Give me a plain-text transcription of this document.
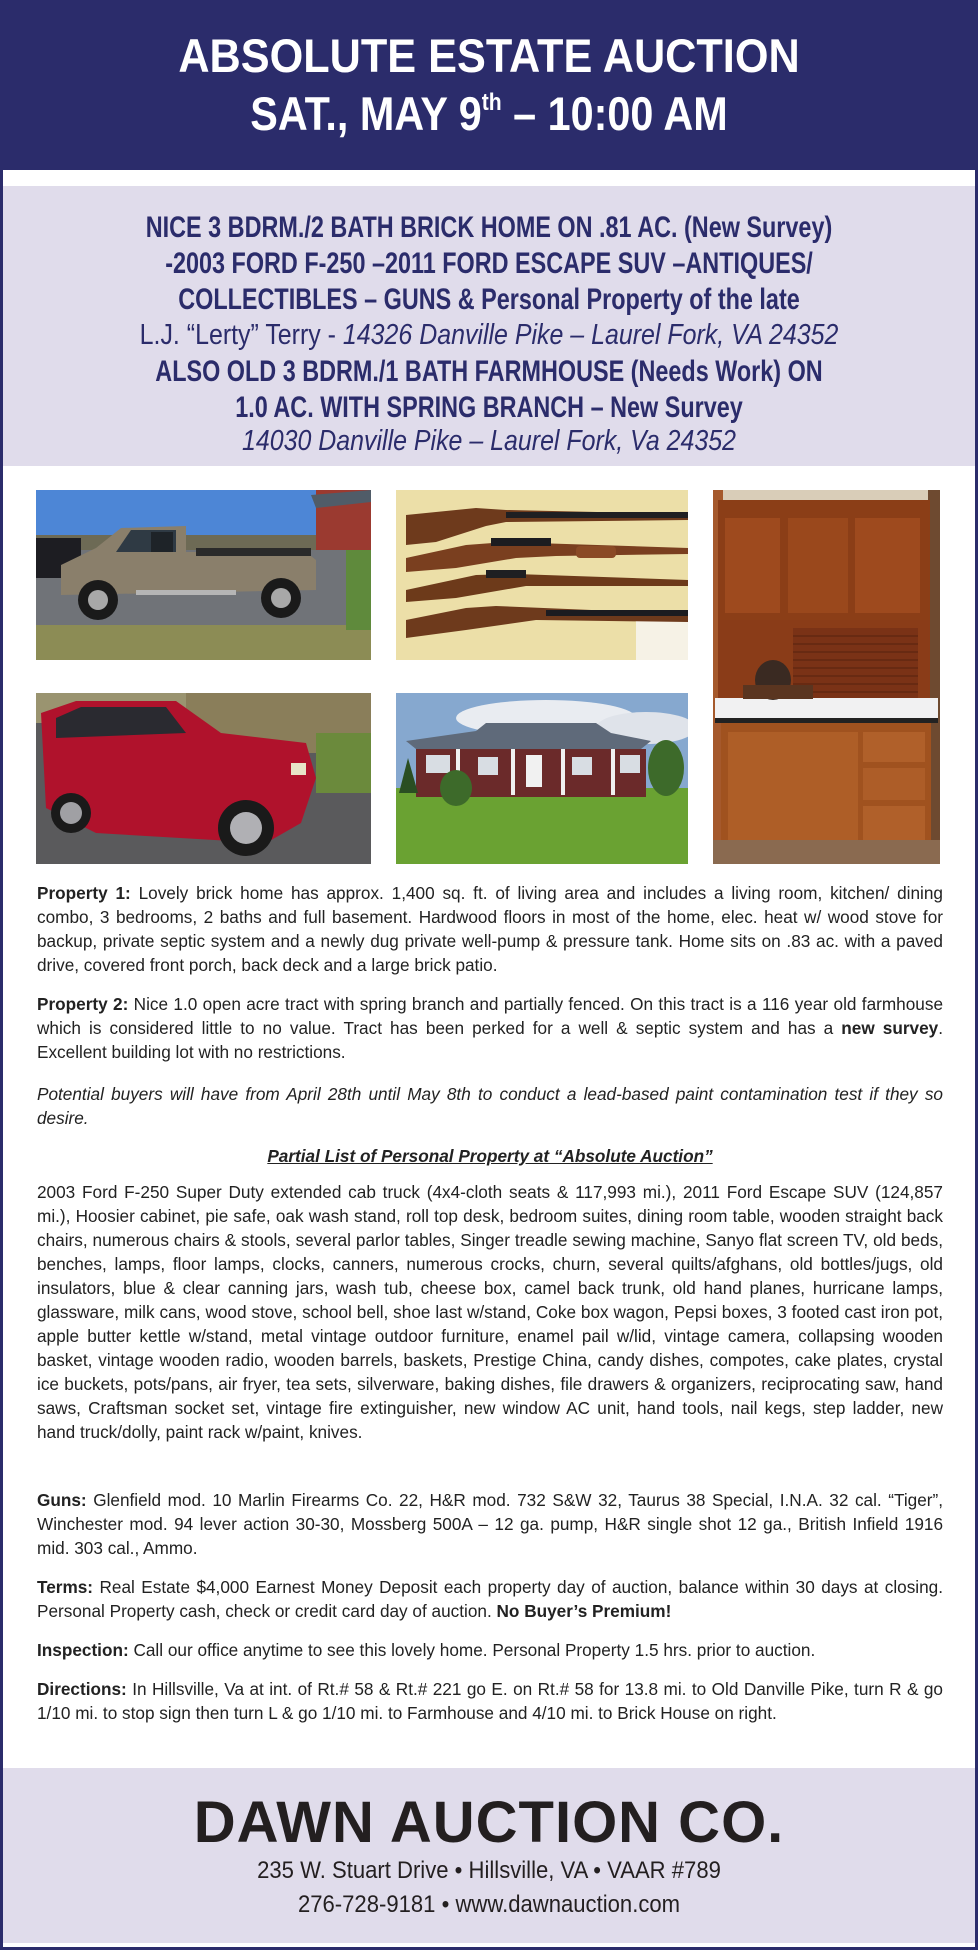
ABSOLUTE ESTATE AUCTION
SAT., MAY 9th – 10:00 AM
NICE 3 BDRM./2 BATH BRICK HOME ON .81 AC. (New Survey)
-2003 FORD F-250 –2011 FORD ESCAPE SUV –ANTIQUES/
COLLECTIBLES – GUNS & Personal Property of the late
L.J. “Lerty” Terry - 14326 Danville Pike – Laurel Fork, VA 24352
ALSO OLD 3 BDRM./1 BATH FARMHOUSE (Needs Work) ON
1.0 AC. WITH SPRING BRANCH – New Survey
14030 Danville Pike – Laurel Fork, Va 24352

Property 1: Lovely brick home has approx. 1,400 sq. ft. of living area and includes a living room, kitchen/ dining combo, 3 bedrooms, 2 baths and full basement. Hardwood floors in most of the home, elec. heat w/ wood stove for backup, private septic system and a newly dug private well-pump & pressure tank. Home sits on .83 ac. with a paved drive, covered front porch, back deck and a large brick patio.

Property 2: Nice 1.0 open acre tract with spring branch and partially fenced. On this tract is a 116 year old farmhouse which is considered little to no value. Tract has been perked for a well & septic system and has a new survey. Excellent building lot with no restrictions.

Potential buyers will have from April 28th until May 8th to conduct a lead-based paint contamination test if they so desire.

Partial List of Personal Property at “Absolute Auction”

2003 Ford F-250 Super Duty extended cab truck (4x4-cloth seats & 117,993 mi.), 2011 Ford Escape SUV (124,857 mi.), Hoosier cabinet, pie safe, oak wash stand, roll top desk, bedroom suites, dining room table, wooden straight back chairs, numerous chairs & stools, several parlor tables, Singer treadle sewing machine, Sanyo flat screen TV, old beds, benches, lamps, floor lamps, clocks, canners, numerous crocks, churn, several quilts/afghans, old bottles/jugs, old insulators, blue & clear canning jars, wash tub, cheese box, camel back trunk, old hand planes, hurricane lamps, glassware, milk cans, wood stove, school bell, shoe last w/stand, Coke box wagon, Pepsi boxes, 3 footed cast iron pot, apple butter kettle w/stand, metal vintage outdoor furniture, enamel pail w/lid, vintage camera, collapsing wooden basket, vintage wooden radio, wooden barrels, baskets, Prestige China, candy dishes, compotes, cake plates, crystal ice buckets, pots/pans, air fryer, tea sets, silverware, baking dishes, file drawers & organizers, reciprocating saw, hand saws, Craftsman socket set, vintage fire extinguisher, new window AC unit, hand tools, nail kegs, step ladder, new hand truck/dolly, paint rack w/paint, knives.

Guns: Glenfield mod. 10 Marlin Firearms Co. 22, H&R mod. 732 S&W 32, Taurus 38 Special, I.N.A. 32 cal. “Tiger”, Winchester mod. 94 lever action 30-30, Mossberg 500A – 12 ga. pump, H&R single shot 12 ga., British Infield 1916 mid. 303 cal., Ammo.

Terms: Real Estate $4,000 Earnest Money Deposit each property day of auction, balance within 30 days at closing. Personal Property cash, check or credit card day of auction. No Buyer’s Premium!

Inspection: Call our office anytime to see this lovely home. Personal Property 1.5 hrs. prior to auction.

Directions: In Hillsville, Va at int. of Rt.# 58 & Rt.# 221 go E. on Rt.# 58 for 13.8 mi. to Old Danville Pike, turn R & go 1/10 mi. to stop sign then turn L & go 1/10 mi. to Farmhouse and 4/10 mi. to Brick House on right.

DAWN AUCTION CO.
235 W. Stuart Drive • Hillsville, VA • VAAR #789
276-728-9181 • www.dawnauction.com
